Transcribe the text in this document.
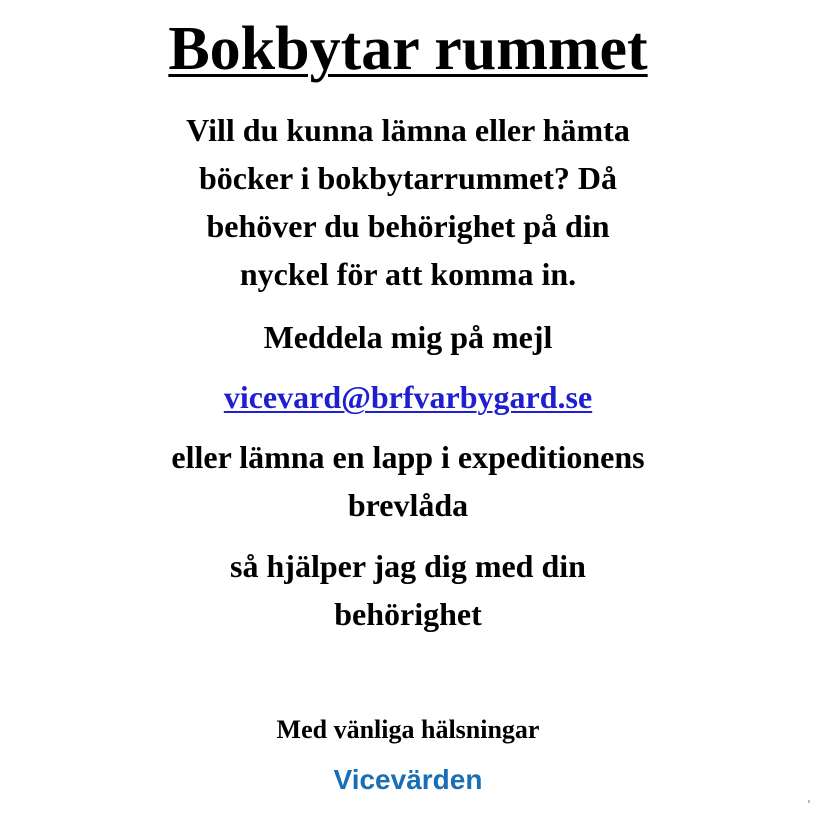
Bokbytar rummet
Vill du kunna lämna eller hämta
böcker i bokbytarrummet? Då
behöver du behörighet på din
nyckel för att komma in.
Meddela mig på mejl
vicevard@brfvarbygard.se
eller lämna en lapp i expeditionens
brevlåda
så hjälper jag dig med din
behörighet
Med vänliga hälsningar
Vicevärden
